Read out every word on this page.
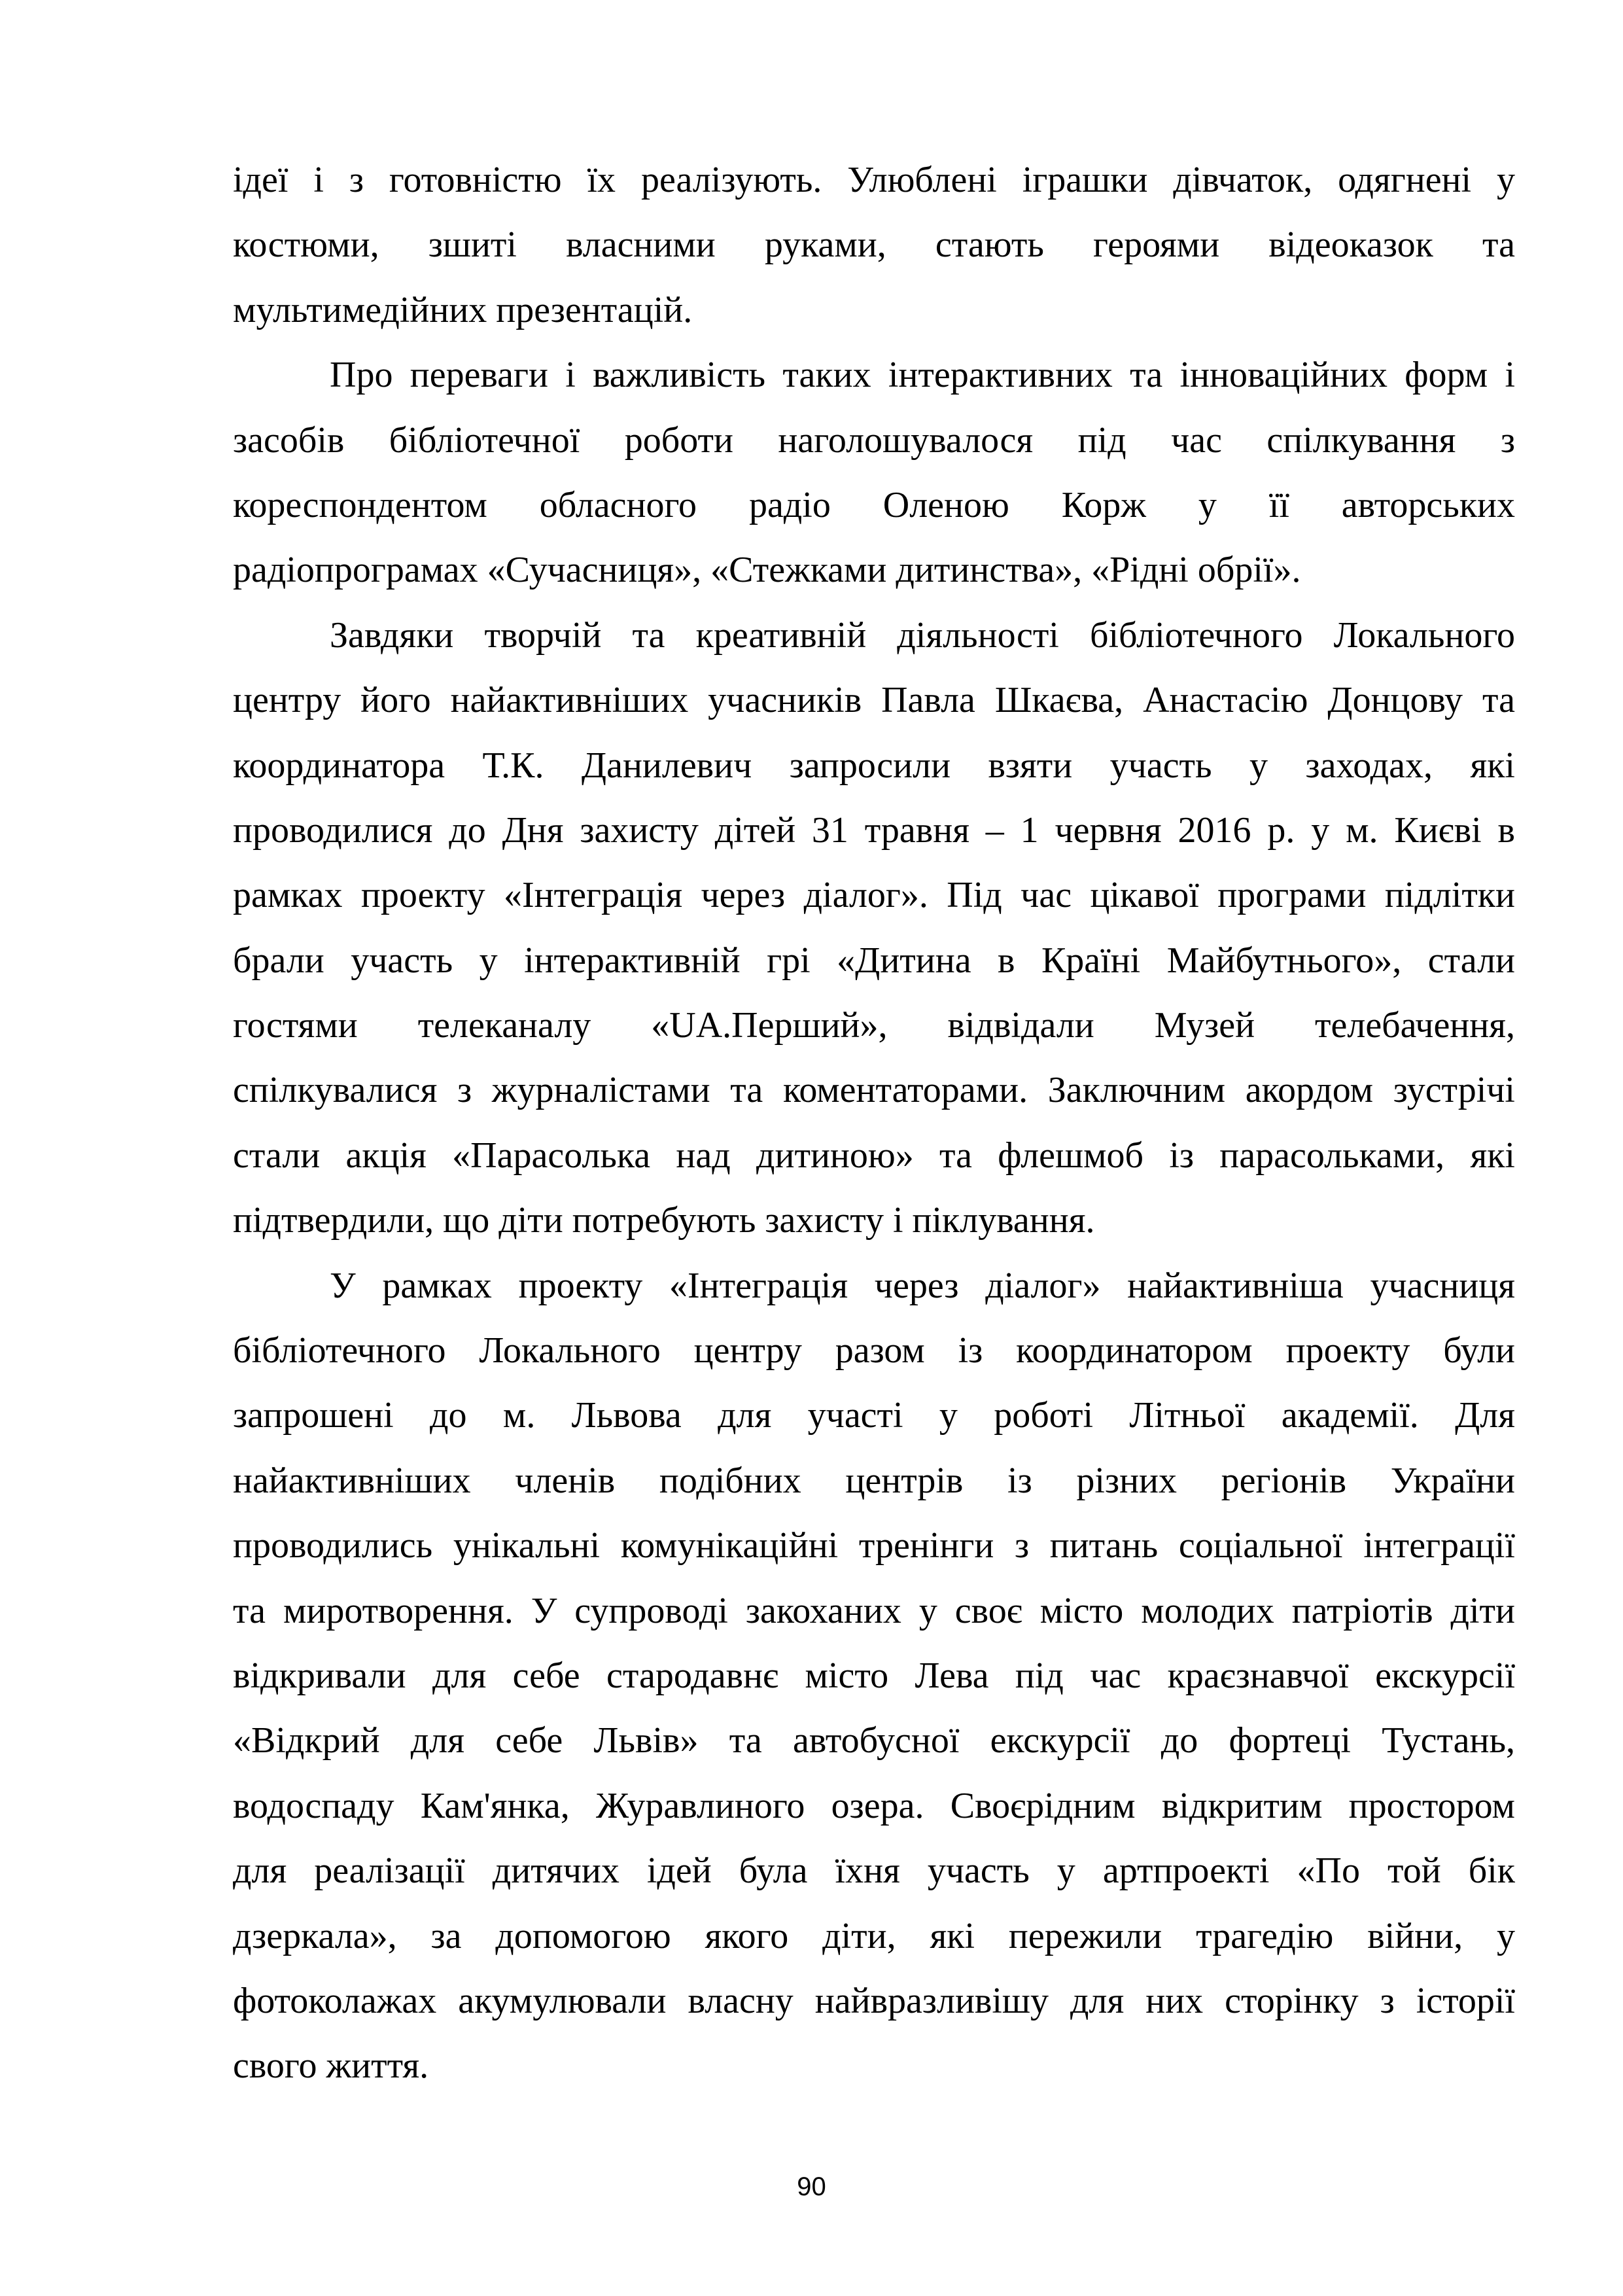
ідеї і з готовністю їх реалізують. Улюблені іграшки дівчаток, одягнені у
костюми, зшиті власними руками, стають героями відеоказок та
мультимедійних презентацій.
Про переваги і важливість таких інтерактивних та інноваційних форм і
засобів бібліотечної роботи наголошувалося під час спілкування з
кореспондентом обласного радіо Оленою Корж у її авторських
радіопрограмах «Сучасниця», «Стежками дитинства», «Рідні обрії».
Завдяки творчій та креативній діяльності бібліотечного Локального
центру його найактивніших учасників Павла Шкаєва, Анастасію Донцову та
координатора Т.К. Данилевич запросили взяти участь у заходах, які
проводилися до Дня захисту дітей 31 травня – 1 червня 2016 р. у м. Києві в
рамках проекту «Інтеграція через діалог». Під час цікавої програми підлітки
брали участь у інтерактивній грі «Дитина в Країні Майбутнього», стали
гостями телеканалу «UA.Перший», відвідали Музей телебачення,
спілкувалися з журналістами та коментаторами. Заключним акордом зустрічі
стали акція «Парасолька над дитиною» та флешмоб із парасольками, які
підтвердили, що діти потребують захисту і піклування.
У рамках проекту «Інтеграція через діалог» найактивніша учасниця
бібліотечного Локального центру разом із координатором проекту були
запрошені до м. Львова для участі у роботі Літньої академії. Для
найактивніших членів подібних центрів із різних регіонів України
проводились унікальні комунікаційні тренінги з питань соціальної інтеграції
та миротворення. У супроводі закоханих у своє місто молодих патріотів діти
відкривали для себе стародавнє місто Лева під час краєзнавчої екскурсії
«Відкрий для себе Львів» та автобусної екскурсії до фортеці Тустань,
водоспаду Кам'янка, Журавлиного озера. Своєрідним відкритим простором
для реалізації дитячих ідей була їхня участь у артпроекті «По той бік
дзеркала», за допомогою якого діти, які пережили трагедію війни, у
фотоколажах акумулювали власну найвразливішу для них сторінку з історії
свого життя.
90
